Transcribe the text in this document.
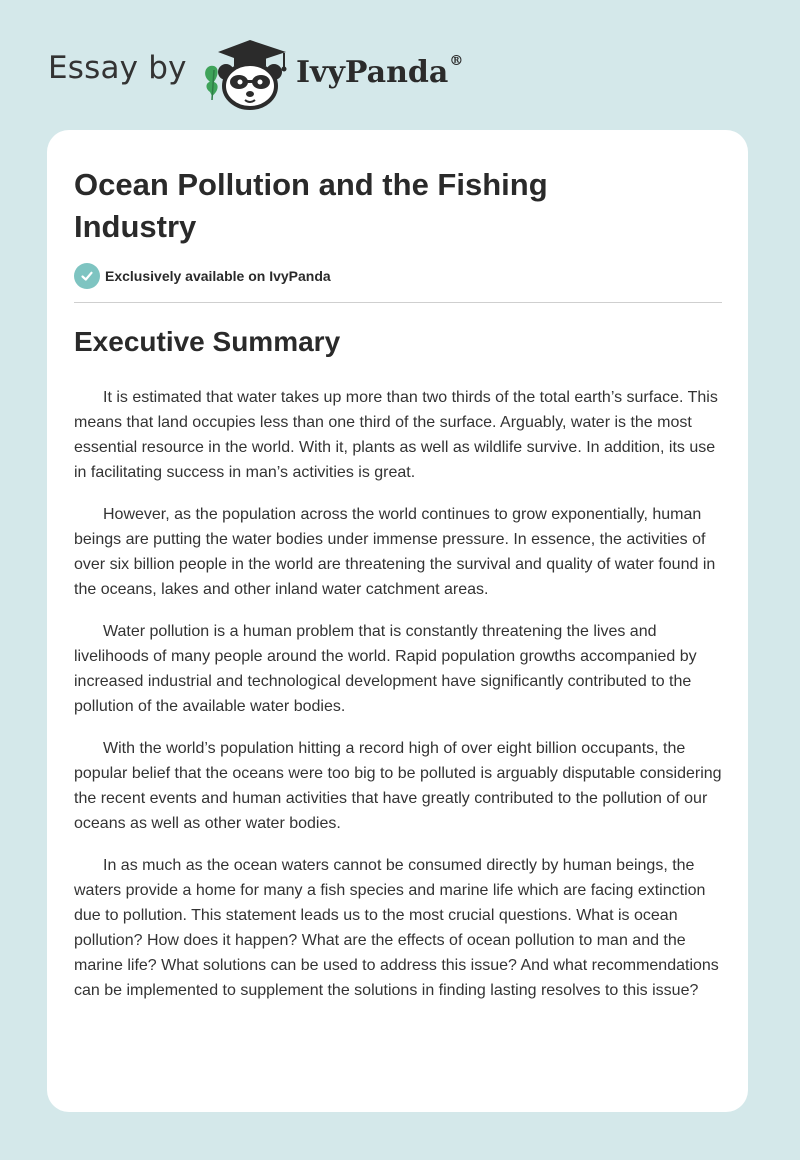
Essay by	IvyPanda®
Ocean Pollution and the Fishing Industry
Exclusively available on IvyPanda
Executive Summary

It is estimated that water takes up more than two thirds of the total earth’s surface. This means that land occupies less than one third of the surface. Arguably, water is the most essential resource in the world. With it, plants as well as wildlife survive. In addition, its use in facilitating success in man’s activities is great.

However, as the population across the world continues to grow exponentially, human beings are putting the water bodies under immense pressure. In essence, the activities of over six billion people in the world are threatening the survival and quality of water found in the oceans, lakes and other inland water catchment areas.

Water pollution is a human problem that is constantly threatening the lives and livelihoods of many people around the world. Rapid population growths accompanied by increased industrial and technological development have significantly contributed to the pollution of the available water bodies.

With the world’s population hitting a record high of over eight billion occupants, the popular belief that the oceans were too big to be polluted is arguably disputable considering the recent events and human activities that have greatly contributed to the pollution of our oceans as well as other water bodies.

In as much as the ocean waters cannot be consumed directly by human beings, the waters provide a home for many a fish species and marine life which are facing extinction due to pollution. This statement leads us to the most crucial questions. What is ocean pollution? How does it happen? What are the effects of ocean pollution to man and the marine life? What solutions can be used to address this issue? And what recommendations can be implemented to supplement the solutions in finding lasting resolves to this issue?
